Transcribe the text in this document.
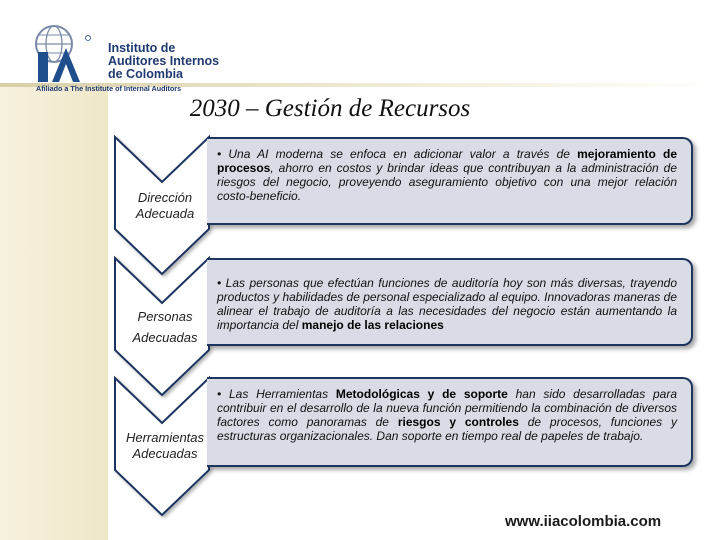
Instituto de
Auditores Internos
de Colombia
Afiliado a The Institute of Internal Auditors
2030 – Gestión de Recursos
Dirección Adecuada
Personas Adecuadas
Herramientas Adecuadas

• Una AI moderna se enfoca en adicionar valor a través de mejoramiento de procesos, ahorro en costos y brindar ideas que contribuyan a la administración de riesgos del negocio, proveyendo aseguramiento objetivo con una mejor relación costo-beneficio.

• Las personas que efectúan funciones de auditoría hoy son más diversas, trayendo productos y habilidades de personal especializado al equipo. Innovadoras maneras de alinear el trabajo de auditoría a las necesidades del negocio están aumentando la importancia del manejo de las relaciones

• Las Herramientas Metodológicas y de soporte han sido desarrolladas para contribuir en el desarrollo de la nueva función permitiendo la combinación de diversos factores como panoramas de riesgos y controles de procesos, funciones y estructuras organizacionales. Dan soporte en tiempo real de papeles de trabajo.

www.iiacolombia.com
